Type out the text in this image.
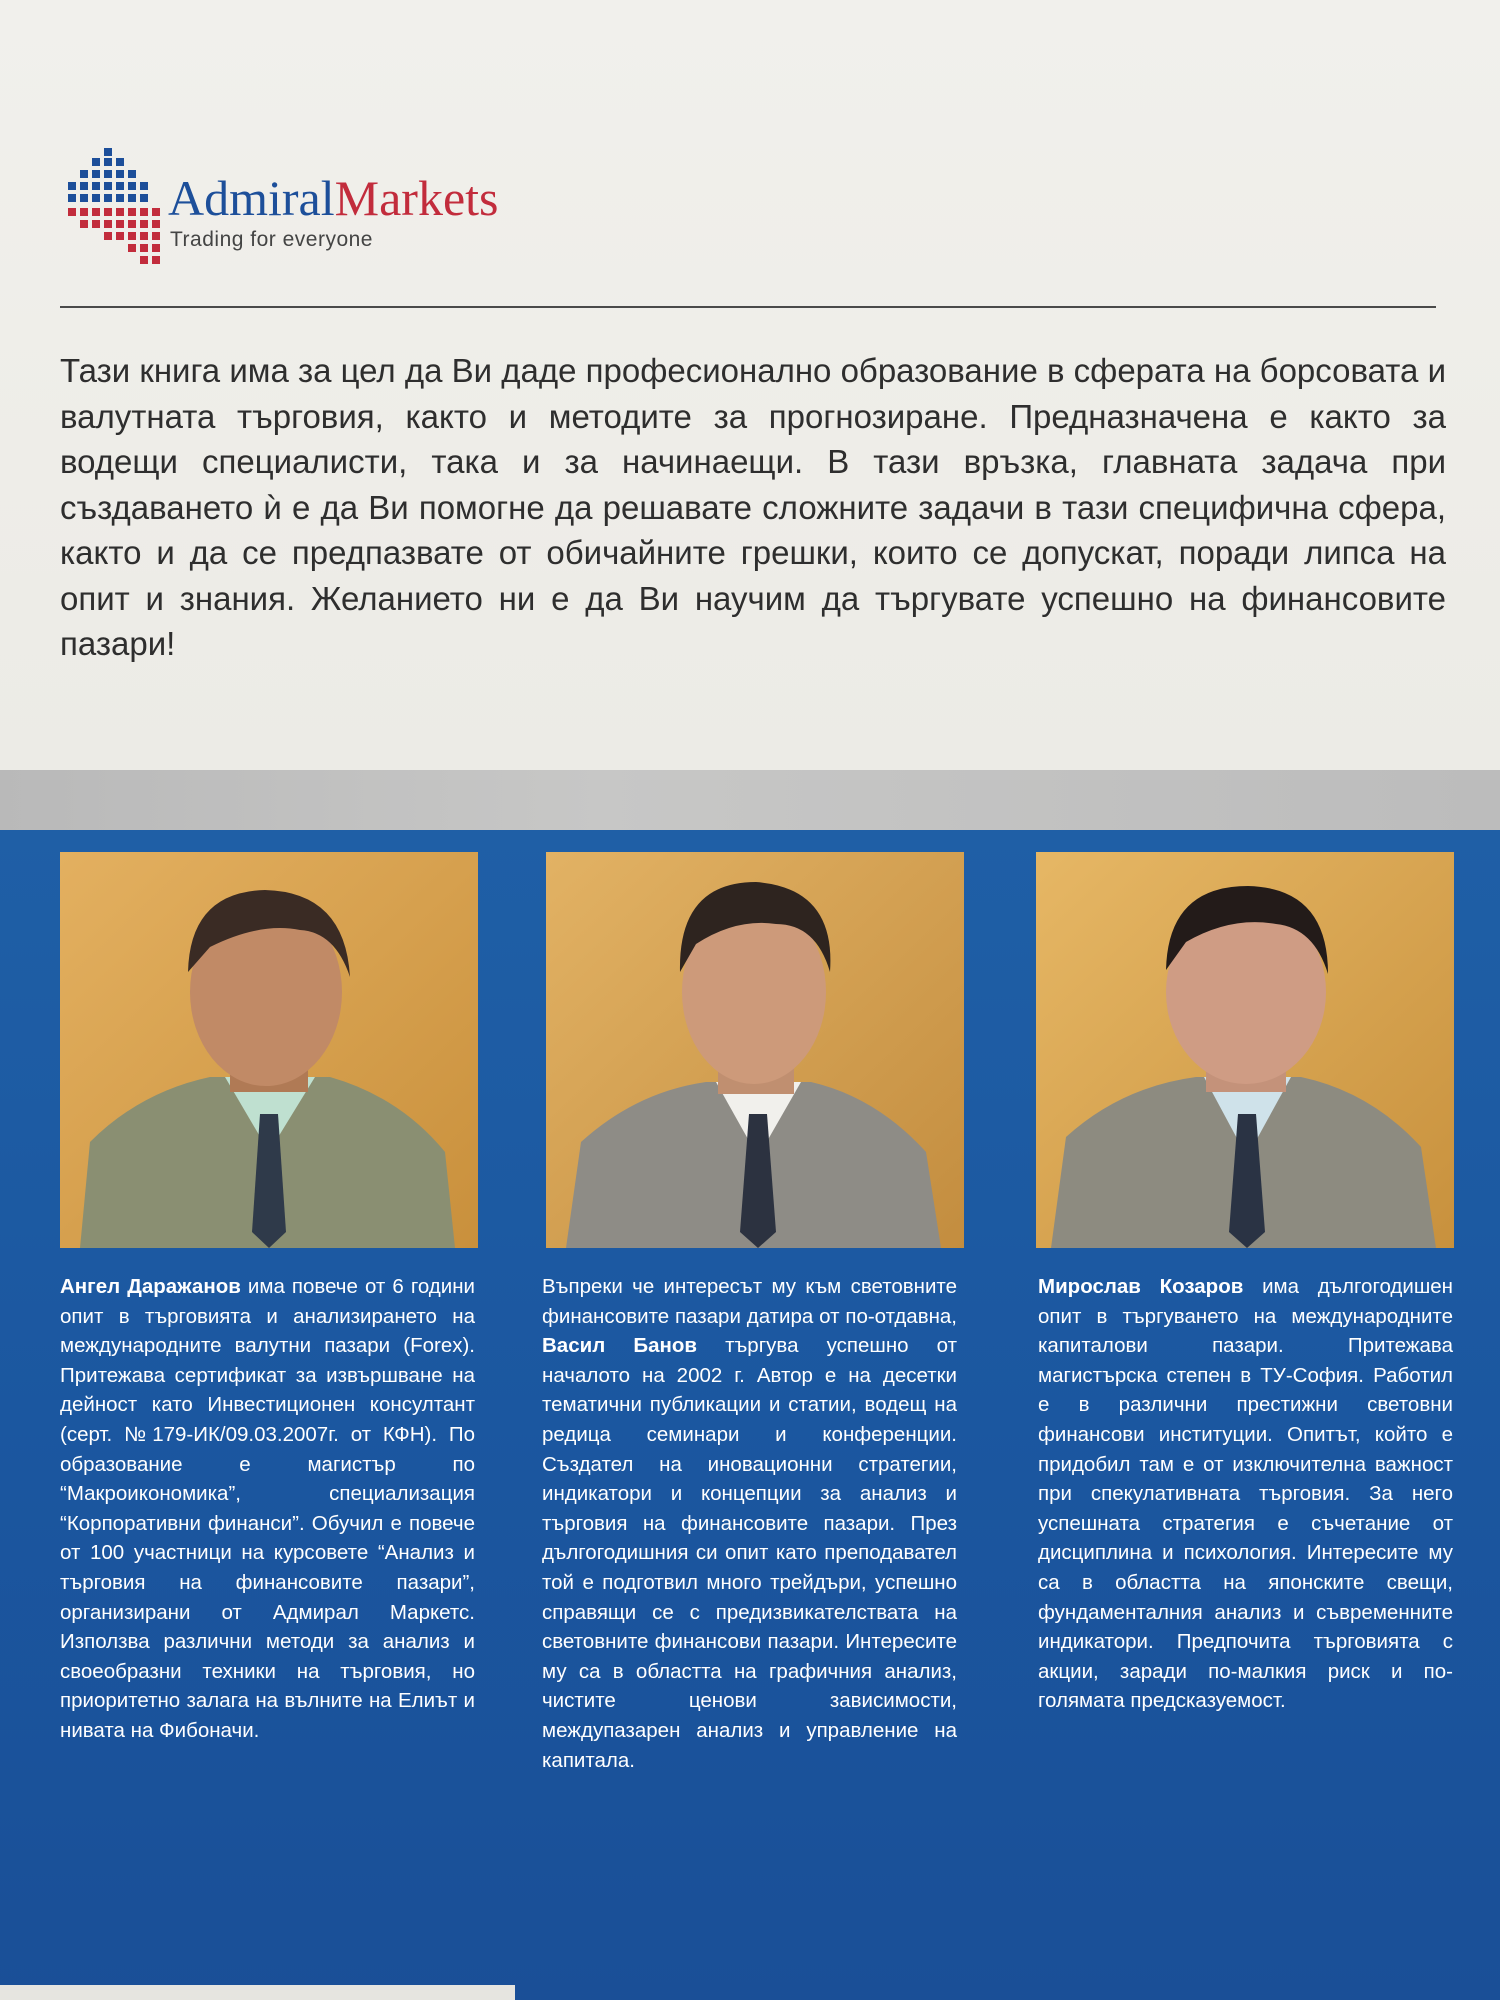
AdmiralMarkets
Trading for everyone
Тази книга има за цел да Ви даде професионално образование в сферата на борсовата и валутната търговия, както и методите за прогнозиране. Предназначена е както за водещи специалисти, така и за начинаещи. В тази връзка, главната задача при създаването ѝ е да Ви помогне да решавате сложните задачи в тази специфична сфера, както и да се предпазвате от обичайните грешки, които се допускат, поради липса на опит и знания. Желанието ни е да Ви научим да търгувате успешно на финансовите пазари!
Ангел Даражанов има повече от 6 години опит в търговията и анализирането на международните валутни пазари (Forex). Притежава сертификат за извършване на дейност като Инвестиционен консултант (серт. №179-ИК/09.03.2007г. от КФН). По образование е магистър по “Макроикономика”, специализация “Корпоративни финанси”. Обучил е повече от 100 участници на курсовете “Анализ и търговия на финансовите пазари”, организирани от Адмирал Маркетс. Използва различни методи за анализ и своеобразни техники на търговия, но приоритетно залага на вълните на Елиът и нивата на Фибоначи.
Въпреки че интересът му към световните финансовите пазари датира от по-отдавна, Васил Банов търгува успешно от началото на 2002 г. Автор е на десетки тематични публикации и статии, водещ на редица семинари и конференции. Създател на иновационни стратегии, индикатори и концепции за анализ и търговия на финансовите пазари. През дългогодишния си опит като преподавател той е подготвил много трейдъри, успешно справящи се с предизвикателствата на световните финансови пазари. Интересите му са в областта на графичния анализ, чистите ценови зависимости, междупазарен анализ и управление на капитала.
Мирослав Козаров има дългогодишен опит в търгуването на международните капиталови пазари. Притежава магистърска степен в ТУ-София. Работил е в различни престижни световни финансови институции. Опитът, който е придобил там е от изключителна важност при спекулативната търговия. За него успешната стратегия е съчетание от дисциплина и психология. Интересите му са в областта на японските свещи, фундаменталния анализ и съвременните индикатори. Предпочита търговията с акции, заради по-малкия риск и по-голямата предсказуемост.
